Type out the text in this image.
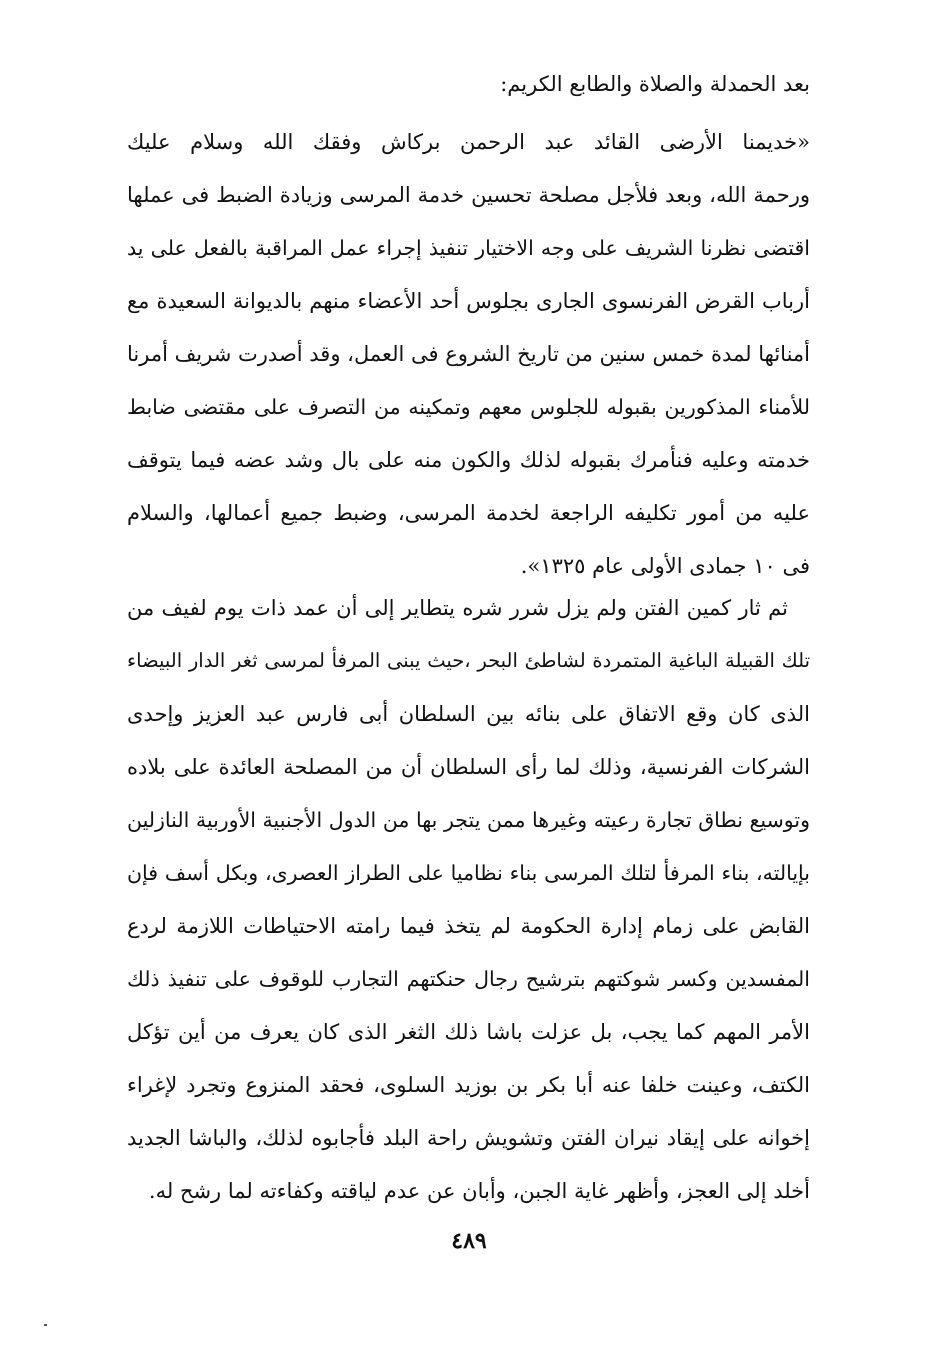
بعد الحمدلة والصلاة والطابع الكريم:
«خديمنا الأرضى القائد عبد الرحمن بركاش وفقك الله وسلام عليك
ورحمة الله، وبعد فلأجل مصلحة تحسين خدمة المرسى وزيادة الضبط فى عملها
اقتضى نظرنا الشريف على وجه الاختيار تنفيذ إجراء عمل المراقبة بالفعل على يد
أرباب القرض الفرنسوى الجارى بجلوس أحد الأعضاء منهم بالديوانة السعيدة مع
أمنائها لمدة خمس سنين من تاريخ الشروع فى العمل، وقد أصدرت شريف أمرنا
للأمناء المذكورين بقبوله للجلوس معهم وتمكينه من التصرف على مقتضى ضابط
خدمته وعليه فنأمرك بقبوله لذلك والكون منه على بال وشد عضه فيما يتوقف
عليه من أمور تكليفه الراجعة لخدمة المرسى، وضبط جميع أعمالها، والسلام
فى ١٠ جمادى الأولى عام ١٣٢٥».
ثم ثار كمين الفتن ولم يزل شرر شره يتطاير إلى أن عمد ذات يوم لفيف من
تلك القبيلة الباغية المتمردة لشاطئ البحر ،حيث يبنى المرفأ لمرسى ثغر الدار البيضاء
الذى كان وقع الاتفاق على بنائه بين السلطان أبى فارس عبد العزيز وإحدى
الشركات الفرنسية، وذلك لما رأى السلطان أن من المصلحة العائدة على بلاده
وتوسيع نطاق تجارة رعيته وغيرها ممن يتجر بها من الدول الأجنبية الأوربية النازلين
بإيالته، بناء المرفأ لتلك المرسى بناء نظاميا على الطراز العصرى، وبكل أسف فإن
القابض على زمام إدارة الحكومة لم يتخذ فيما رامته الاحتياطات اللازمة لردع
المفسدين وكسر شوكتهم بترشيح رجال حنكتهم التجارب للوقوف على تنفيذ ذلك
الأمر المهم كما يجب، بل عزلت باشا ذلك الثغر الذى كان يعرف من أين تؤكل
الكتف، وعينت خلفا عنه أبا بكر بن بوزيد السلوى، فحقد المنزوع وتجرد لإغراء
إخوانه على إيقاد نيران الفتن وتشويش راحة البلد فأجابوه لذلك، والباشا الجديد
أخلد إلى العجز، وأظهر غاية الجبن، وأبان عن عدم لياقته وكفاءته لما رشح له.
٤٨٩
